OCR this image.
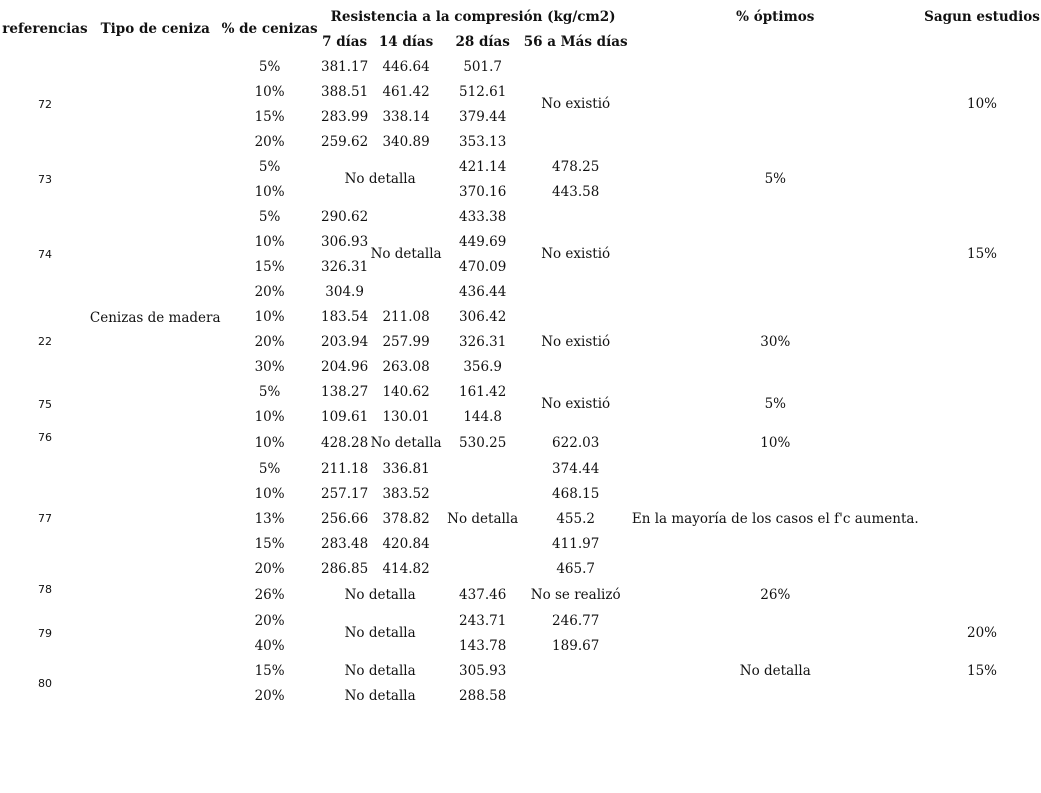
referencias	Tipo de ceniza	% de cenizas	Resistencia a la compresión (kg/cm2)				% óptimos	Sagun estudios
			7 días	14 días	28 días	56 a Más días		
72	Cenizas de madera	5%	381.17	446.64	501.7	No existió		10%
		10%	388.51	461.42	512.61			
		15%	283.99	338.14	379.44			
		20%	259.62	340.89	353.13			
73		5%	No detalla		421.14	478.25	5%	
		10%			370.16	443.58		
74		5%	290.62	No detalla	433.38	No existió		15%
		10%	306.93		449.69			
		15%	326.31		470.09			
		20%	304.9		436.44			
22		10%	183.54	211.08	306.42	No existió	30%	
		20%	203.94	257.99	326.31			
		30%	204.96	263.08	356.9			
75		5%	138.27	140.62	161.42	No existió	5%	
		10%	109.61	130.01	144.8			
76		10%	428.28	No detalla	530.25	622.03	10%	
77		5%	211.18	336.81	No detalla	374.44	En la mayoría de los casos el f'c aumenta.	
		10%	257.17	383.52		468.15		
		13%	256.66	378.82		455.2		
		15%	283.48	420.84		411.97		
		20%	286.85	414.82		465.7		
78		26%	No detalla		437.46	No se realizó	26%	
79		20%	No detalla		243.71	246.77		20%
		40%			143.78	189.67		
80		15%	No detalla		305.93		No detalla	15%
		20%	No detalla		288.58			
